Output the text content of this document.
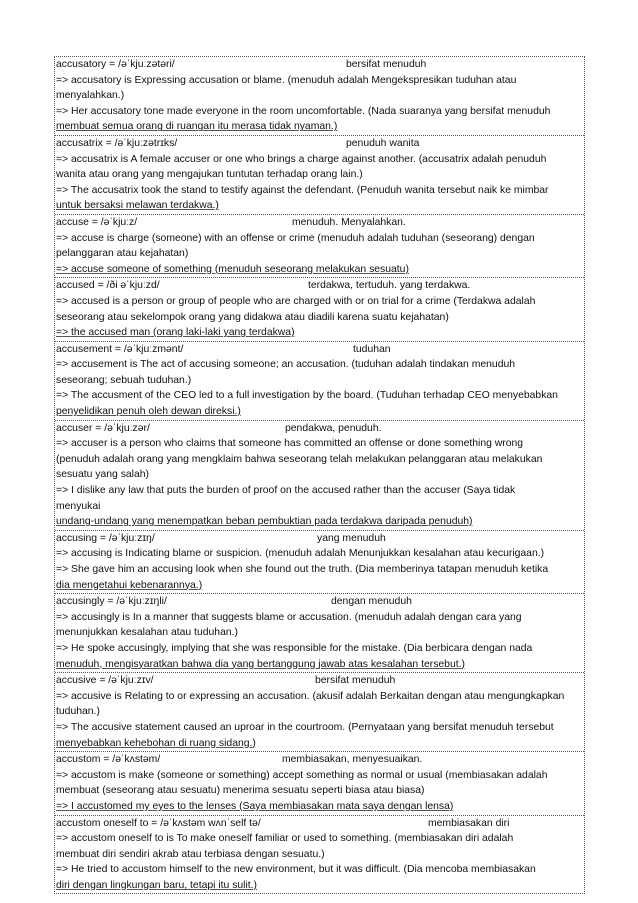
accusatory = /əˈkjuːzətəri/	bersifat menuduh
=> accusatory is Expressing accusation or blame. (menuduh adalah Mengekspresikan tuduhan atau
menyalahkan.)
=> Her accusatory tone made everyone in the room uncomfortable. (Nada suaranya yang bersifat menuduh
membuat semua orang di ruangan itu merasa tidak nyaman.)
accusatrix = /əˈkjuːzətrɪks/	penuduh wanita
=> accusatrix is A female accuser or one who brings a charge against another. (accusatrix adalah penuduh
wanita atau orang yang mengajukan tuntutan terhadap orang lain.)
=> The accusatrix took the stand to testify against the defendant. (Penuduh wanita tersebut naik ke mimbar
untuk bersaksi melawan terdakwa.)
accuse = /əˈkjuːz/	menuduh. Menyalahkan.
=> accuse is charge (someone) with an offense or crime (menuduh adalah tuduhan (seseorang) dengan
pelanggaran atau kejahatan)
=> accuse someone of something (menuduh seseorang melakukan sesuatu)
accused = /ði əˈkjuːzd/	terdakwa, tertuduh. yang terdakwa.
=> accused is a person or group of people who are charged with or on trial for a crime (Terdakwa adalah
seseorang atau sekelompok orang yang didakwa atau diadili karena suatu kejahatan)
=> the accused man (orang laki-laki yang terdakwa)
accusement = /əˈkjuːzmənt/	tuduhan
=> accusement is The act of accusing someone; an accusation. (tuduhan adalah tindakan menuduh
seseorang; sebuah tuduhan.)
=> The accusment of the CEO led to a full investigation by the board. (Tuduhan terhadap CEO menyebabkan
penyelidikan penuh oleh dewan direksi.)
accuser = /əˈkjuːzər/	pendakwa, penuduh.
=> accuser is a person who claims that someone has committed an offense or done something wrong
(penuduh adalah orang yang mengklaim bahwa seseorang telah melakukan pelanggaran atau melakukan
sesuatu yang salah)
=> I dislike any law that puts the burden of proof on the accused rather than the accuser (Saya tidak
menyukai
undang-undang yang menempatkan beban pembuktian pada terdakwa daripada penuduh)
accusing = /əˈkjuːzɪŋ/	yang menuduh
=> accusing is Indicating blame or suspicion. (menuduh adalah Menunjukkan kesalahan atau kecurigaan.)
=> She gave him an accusing look when she found out the truth. (Dia memberinya tatapan menuduh ketika
dia mengetahui kebenarannya.)
accusingly = /əˈkjuːzɪŋli/	dengan menuduh
=> accusingly is In a manner that suggests blame or accusation. (menuduh adalah dengan cara yang
menunjukkan kesalahan atau tuduhan.)
=> He spoke accusingly, implying that she was responsible for the mistake. (Dia berbicara dengan nada
menuduh, mengisyaratkan bahwa dia yang bertanggung jawab atas kesalahan tersebut.)
accusive = /əˈkjuːzɪv/	bersifat menuduh
=> accusive is Relating to or expressing an accusation. (akusif adalah Berkaitan dengan atau mengungkapkan
tuduhan.)
=> The accusive statement caused an uproar in the courtroom. (Pernyataan yang bersifat menuduh tersebut
menyebabkan kehebohan di ruang sidang.)
accustom = /əˈkʌstəm/	membiasakan, menyesuaikan.
=> accustom is make (someone or something) accept something as normal or usual (membiasakan adalah
membuat (seseorang atau sesuatu) menerima sesuatu seperti biasa atau biasa)
=> I accustomed my eyes to the lenses (Saya membiasakan mata saya dengan lensa)
accustom oneself to = /əˈkʌstəm wʌnˈself tə/	membiasakan diri
=> accustom oneself to is To make oneself familiar or used to something. (membiasakan diri adalah
membuat diri sendiri akrab atau terbiasa dengan sesuatu.)
=> He tried to accustom himself to the new environment, but it was difficult. (Dia mencoba membiasakan
diri dengan lingkungan baru, tetapi itu sulit.)
